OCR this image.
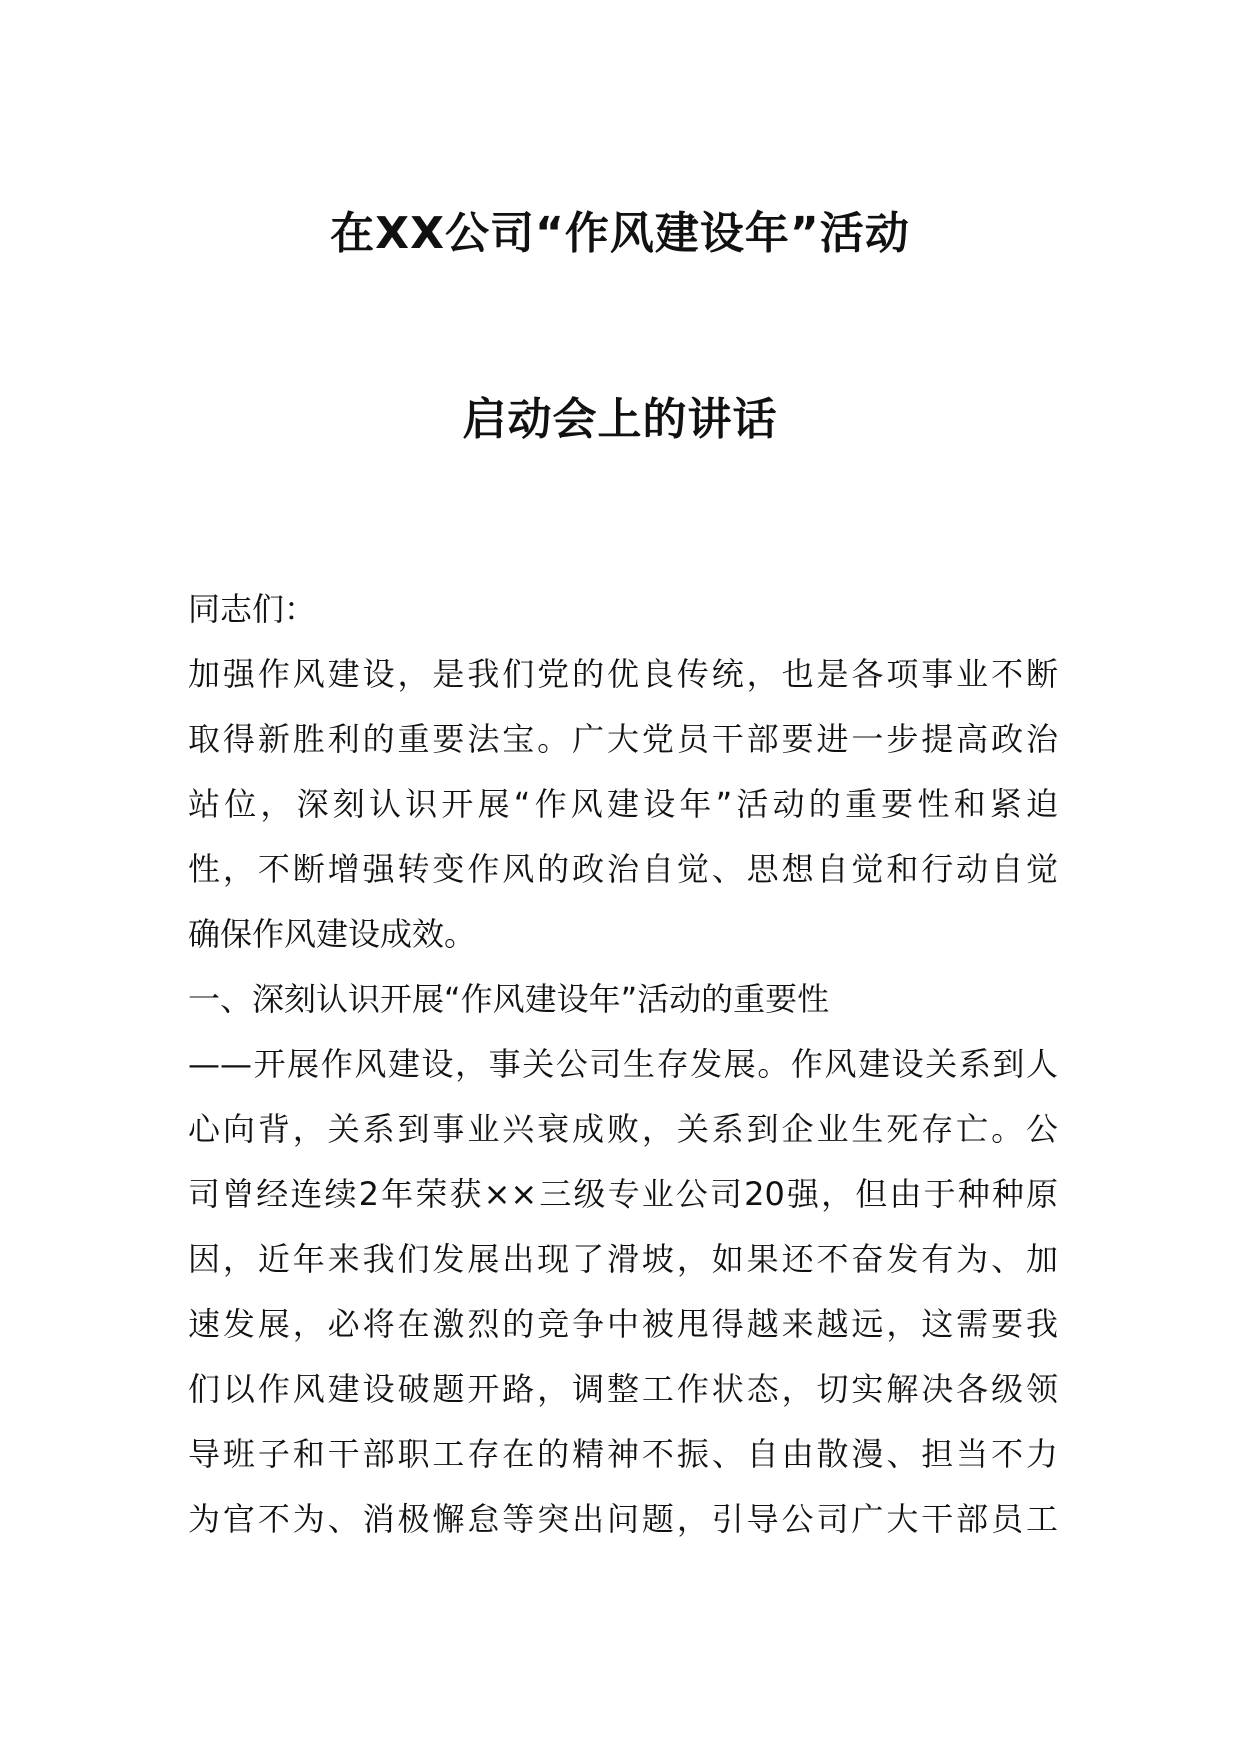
在XX公司“作风建设年”活动
启动会上的讲话
同志们：
加强作风建设，是我们党的优良传统，也是各项事业不断
取得新胜利的重要法宝。广大党员干部要进一步提高政治
站位，深刻认识开展“作风建设年”活动的重要性和紧迫
性，不断增强转变作风的政治自觉、思想自觉和行动自觉
确保作风建设成效。
一、深刻认识开展“作风建设年”活动的重要性
——开展作风建设，事关公司生存发展。作风建设关系到人
心向背，关系到事业兴衰成败，关系到企业生死存亡。公
司曾经连续2年荣获××三级专业公司20强，但由于种种原
因，近年来我们发展出现了滑坡，如果还不奋发有为、加
速发展，必将在激烈的竞争中被甩得越来越远，这需要我
们以作风建设破题开路，调整工作状态，切实解决各级领
导班子和干部职工存在的精神不振、自由散漫、担当不力
为官不为、消极懈怠等突出问题，引导公司广大干部员工
